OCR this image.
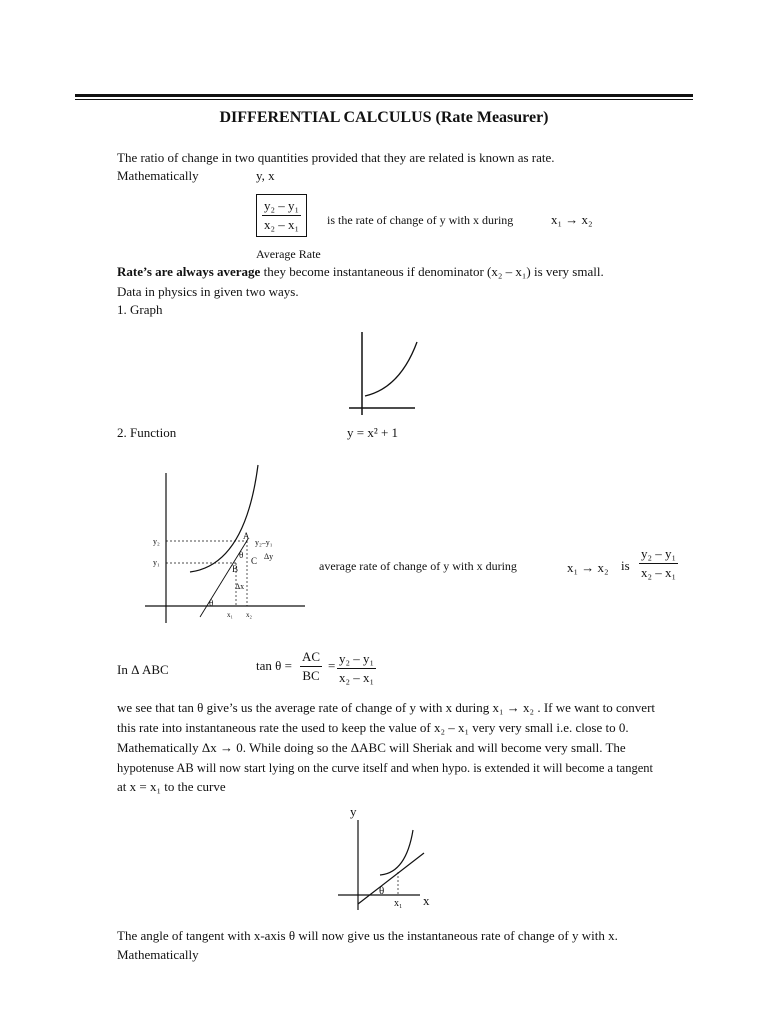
DIFFERENTIAL CALCULUS (Rate Measurer)
The ratio of change in two quantities provided that they are related is known as rate.
Mathematically	y, x
$\frac{\text{y₂ – y₁}}{\text{x₂ – x₁}}$ is the rate of change of y with x during	x₁ → x₂
Average Rate
Rate’s are always average they become instantaneous if denominator (x₂ – x₁) is very small.
Data in physics in given two ways.
1. Graph
2. Function	y = x² + 1
y₂
y₁
A
B
C
θ
y₂–y₁
Δy
Δx
θ
x₁ x₂
average rate of change of y with x during	x₁ → x₂ is $\frac{\text{y₂ – y₁}}{\text{x₂ – x₁}}$
In Δ ABC	$\tan \theta = \frac{AC}{BC} = \frac{\text{y₂ – y₁}}{\text{x₂ – x₁}}$
we see that tan θ give’s us the average rate of change of y with x during x₁ → x₂ . If we want to convert
this rate into instantaneous rate the used to keep the value of x₂ – x₁ very very small i.e. close to 0.
Mathematically Δx → 0. While doing so the ΔABC will Sheriak and will become very small. The
hypotenuse AB will now start lying on the curve itself and when hypo. is extended it will become a tangent
at x = x₁ to the curve
y
θ
x₁ x
The angle of tangent with x-axis θ will now give us the instantaneous rate of change of y with x.
Mathematically
